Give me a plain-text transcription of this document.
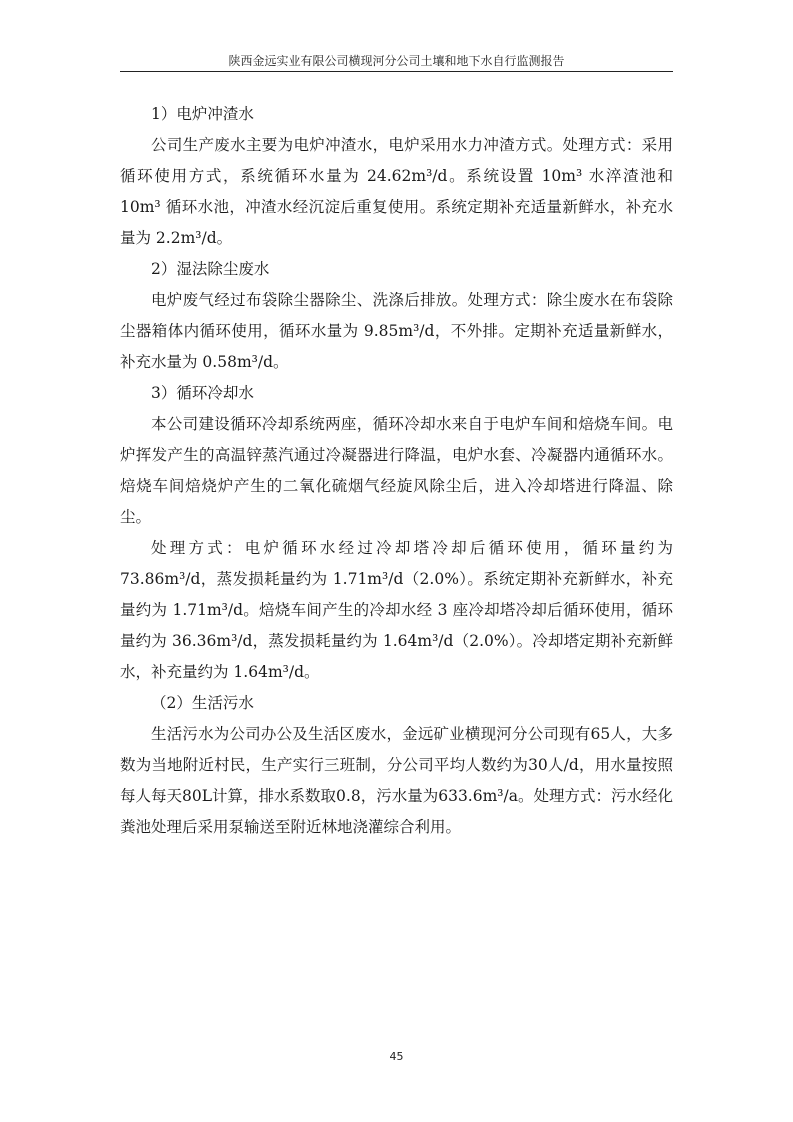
陕西金远实业有限公司横现河分公司土壤和地下水自行监测报告

1）电炉冲渣水

公司生产废水主要为电炉冲渣水，电炉采用水力冲渣方式。处理方式：采用循环使用方式，系统循环水量为 24.62m³/d。系统设置 10m³ 水淬渣池和 10m³ 循环水池，冲渣水经沉淀后重复使用。系统定期补充适量新鲜水，补充水量为 2.2m³/d。

2）湿法除尘废水

电炉废气经过布袋除尘器除尘、洗涤后排放。处理方式：除尘废水在布袋除尘器箱体内循环使用，循环水量为 9.85m³/d，不外排。定期补充适量新鲜水，补充水量为 0.58m³/d。

3）循环冷却水

本公司建设循环冷却系统两座，循环冷却水来自于电炉车间和焙烧车间。电炉挥发产生的高温锌蒸汽通过冷凝器进行降温，电炉水套、冷凝器内通循环水。焙烧车间焙烧炉产生的二氧化硫烟气经旋风除尘后，进入冷却塔进行降温、除尘。

处理方式：电炉循环水经过冷却塔冷却后循环使用，循环量约为 73.86m³/d，蒸发损耗量约为 1.71m³/d（2.0%）。系统定期补充新鲜水，补充量约为 1.71m³/d。焙烧车间产生的冷却水经 3 座冷却塔冷却后循环使用，循环量约为 36.36m³/d，蒸发损耗量约为 1.64m³/d（2.0%）。冷却塔定期补充新鲜水，补充量约为 1.64m³/d。

（2）生活污水

生活污水为公司办公及生活区废水，金远矿业横现河分公司现有65人，大多数为当地附近村民，生产实行三班制，分公司平均人数约为30人/d，用水量按照每人每天80L计算，排水系数取0.8，污水量为633.6m³/a。处理方式：污水经化粪池处理后采用泵输送至附近林地浇灌综合利用。

45
